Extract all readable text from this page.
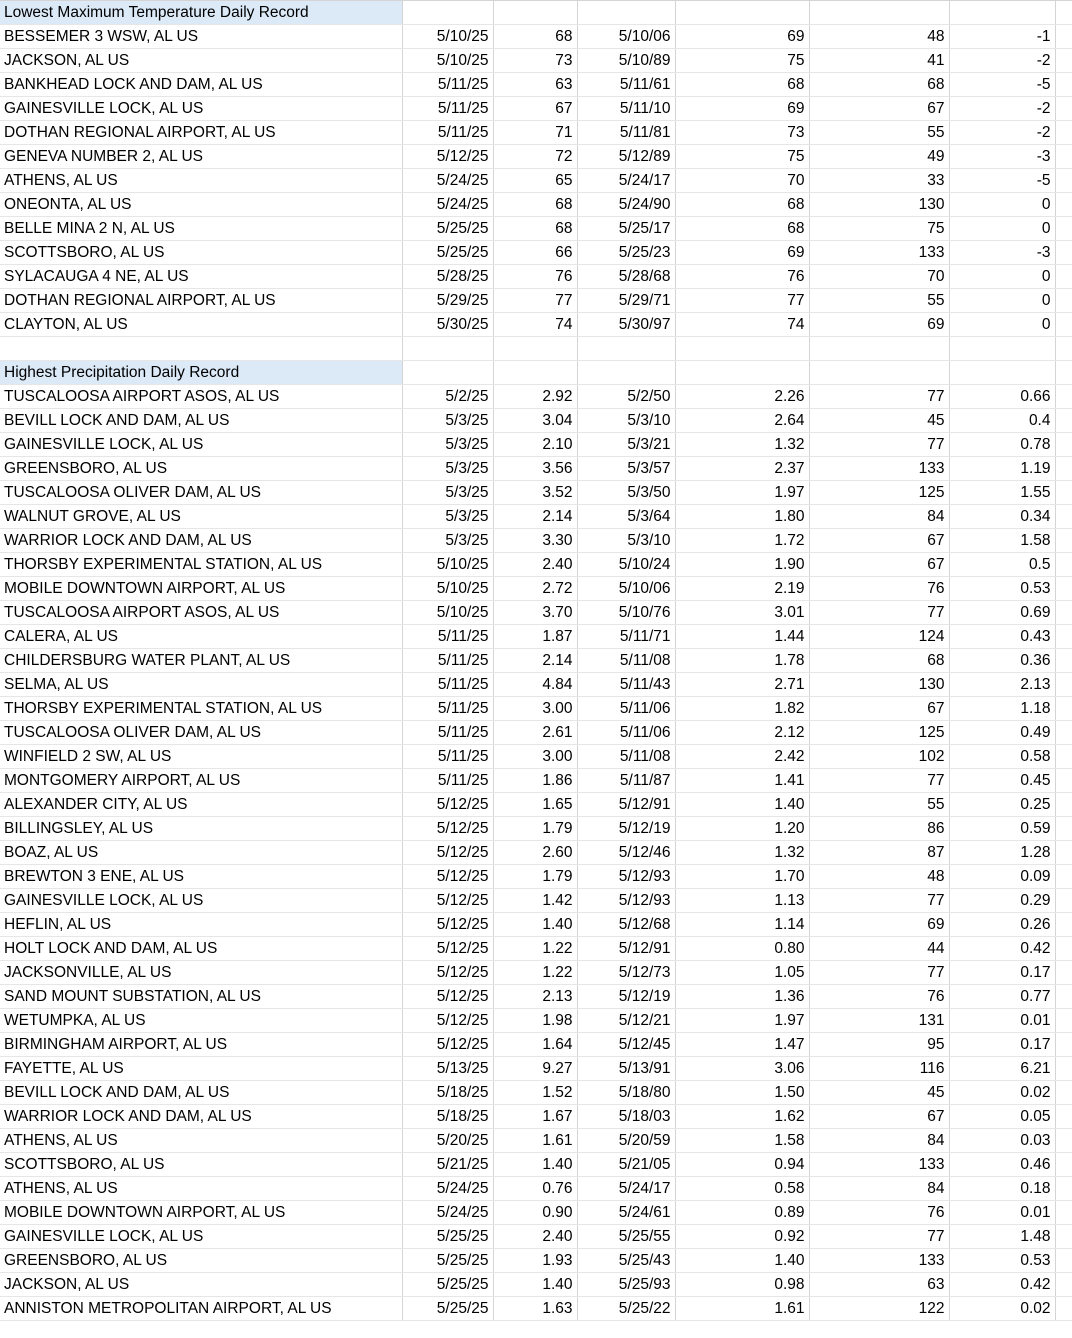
Lowest Maximum Temperature Daily Record							
BESSEMER 3 WSW, AL US	5/10/25	68	5/10/06	69	48	-1	
JACKSON, AL US	5/10/25	73	5/10/89	75	41	-2	
BANKHEAD LOCK AND DAM, AL US	5/11/25	63	5/11/61	68	68	-5	
GAINESVILLE LOCK, AL US	5/11/25	67	5/11/10	69	67	-2	
DOTHAN REGIONAL AIRPORT, AL US	5/11/25	71	5/11/81	73	55	-2	
GENEVA NUMBER 2, AL US	5/12/25	72	5/12/89	75	49	-3	
ATHENS, AL US	5/24/25	65	5/24/17	70	33	-5	
ONEONTA, AL US	5/24/25	68	5/24/90	68	130	0	
BELLE MINA 2 N, AL US	5/25/25	68	5/25/17	68	75	0	
SCOTTSBORO, AL US	5/25/25	66	5/25/23	69	133	-3	
SYLACAUGA 4 NE, AL US	5/28/25	76	5/28/68	76	70	0	
DOTHAN REGIONAL AIRPORT, AL US	5/29/25	77	5/29/71	77	55	0	
CLAYTON, AL US	5/30/25	74	5/30/97	74	69	0	

Highest Precipitation Daily Record							
TUSCALOOSA AIRPORT ASOS, AL US	5/2/25	2.92	5/2/50	2.26	77	0.66	
BEVILL LOCK AND DAM, AL US	5/3/25	3.04	5/3/10	2.64	45	0.4	
GAINESVILLE LOCK, AL US	5/3/25	2.10	5/3/21	1.32	77	0.78	
GREENSBORO, AL US	5/3/25	3.56	5/3/57	2.37	133	1.19	
TUSCALOOSA OLIVER DAM, AL US	5/3/25	3.52	5/3/50	1.97	125	1.55	
WALNUT GROVE, AL US	5/3/25	2.14	5/3/64	1.80	84	0.34	
WARRIOR LOCK AND DAM, AL US	5/3/25	3.30	5/3/10	1.72	67	1.58	
THORSBY EXPERIMENTAL STATION, AL US	5/10/25	2.40	5/10/24	1.90	67	0.5	
MOBILE DOWNTOWN AIRPORT, AL US	5/10/25	2.72	5/10/06	2.19	76	0.53	
TUSCALOOSA AIRPORT ASOS, AL US	5/10/25	3.70	5/10/76	3.01	77	0.69	
CALERA, AL US	5/11/25	1.87	5/11/71	1.44	124	0.43	
CHILDERSBURG WATER PLANT, AL US	5/11/25	2.14	5/11/08	1.78	68	0.36	
SELMA, AL US	5/11/25	4.84	5/11/43	2.71	130	2.13	
THORSBY EXPERIMENTAL STATION, AL US	5/11/25	3.00	5/11/06	1.82	67	1.18	
TUSCALOOSA OLIVER DAM, AL US	5/11/25	2.61	5/11/06	2.12	125	0.49	
WINFIELD 2 SW, AL US	5/11/25	3.00	5/11/08	2.42	102	0.58	
MONTGOMERY AIRPORT, AL US	5/11/25	1.86	5/11/87	1.41	77	0.45	
ALEXANDER CITY, AL US	5/12/25	1.65	5/12/91	1.40	55	0.25	
BILLINGSLEY, AL US	5/12/25	1.79	5/12/19	1.20	86	0.59	
BOAZ, AL US	5/12/25	2.60	5/12/46	1.32	87	1.28	
BREWTON 3 ENE, AL US	5/12/25	1.79	5/12/93	1.70	48	0.09	
GAINESVILLE LOCK, AL US	5/12/25	1.42	5/12/93	1.13	77	0.29	
HEFLIN, AL US	5/12/25	1.40	5/12/68	1.14	69	0.26	
HOLT LOCK AND DAM, AL US	5/12/25	1.22	5/12/91	0.80	44	0.42	
JACKSONVILLE, AL US	5/12/25	1.22	5/12/73	1.05	77	0.17	
SAND MOUNT SUBSTATION, AL US	5/12/25	2.13	5/12/19	1.36	76	0.77	
WETUMPKA, AL US	5/12/25	1.98	5/12/21	1.97	131	0.01	
BIRMINGHAM AIRPORT, AL US	5/12/25	1.64	5/12/45	1.47	95	0.17	
FAYETTE, AL US	5/13/25	9.27	5/13/91	3.06	116	6.21	
BEVILL LOCK AND DAM, AL US	5/18/25	1.52	5/18/80	1.50	45	0.02	
WARRIOR LOCK AND DAM, AL US	5/18/25	1.67	5/18/03	1.62	67	0.05	
ATHENS, AL US	5/20/25	1.61	5/20/59	1.58	84	0.03	
SCOTTSBORO, AL US	5/21/25	1.40	5/21/05	0.94	133	0.46	
ATHENS, AL US	5/24/25	0.76	5/24/17	0.58	84	0.18	
MOBILE DOWNTOWN AIRPORT, AL US	5/24/25	0.90	5/24/61	0.89	76	0.01	
GAINESVILLE LOCK, AL US	5/25/25	2.40	5/25/55	0.92	77	1.48	
GREENSBORO, AL US	5/25/25	1.93	5/25/43	1.40	133	0.53	
JACKSON, AL US	5/25/25	1.40	5/25/93	0.98	63	0.42	
ANNISTON METROPOLITAN AIRPORT, AL US	5/25/25	1.63	5/25/22	1.61	122	0.02	
